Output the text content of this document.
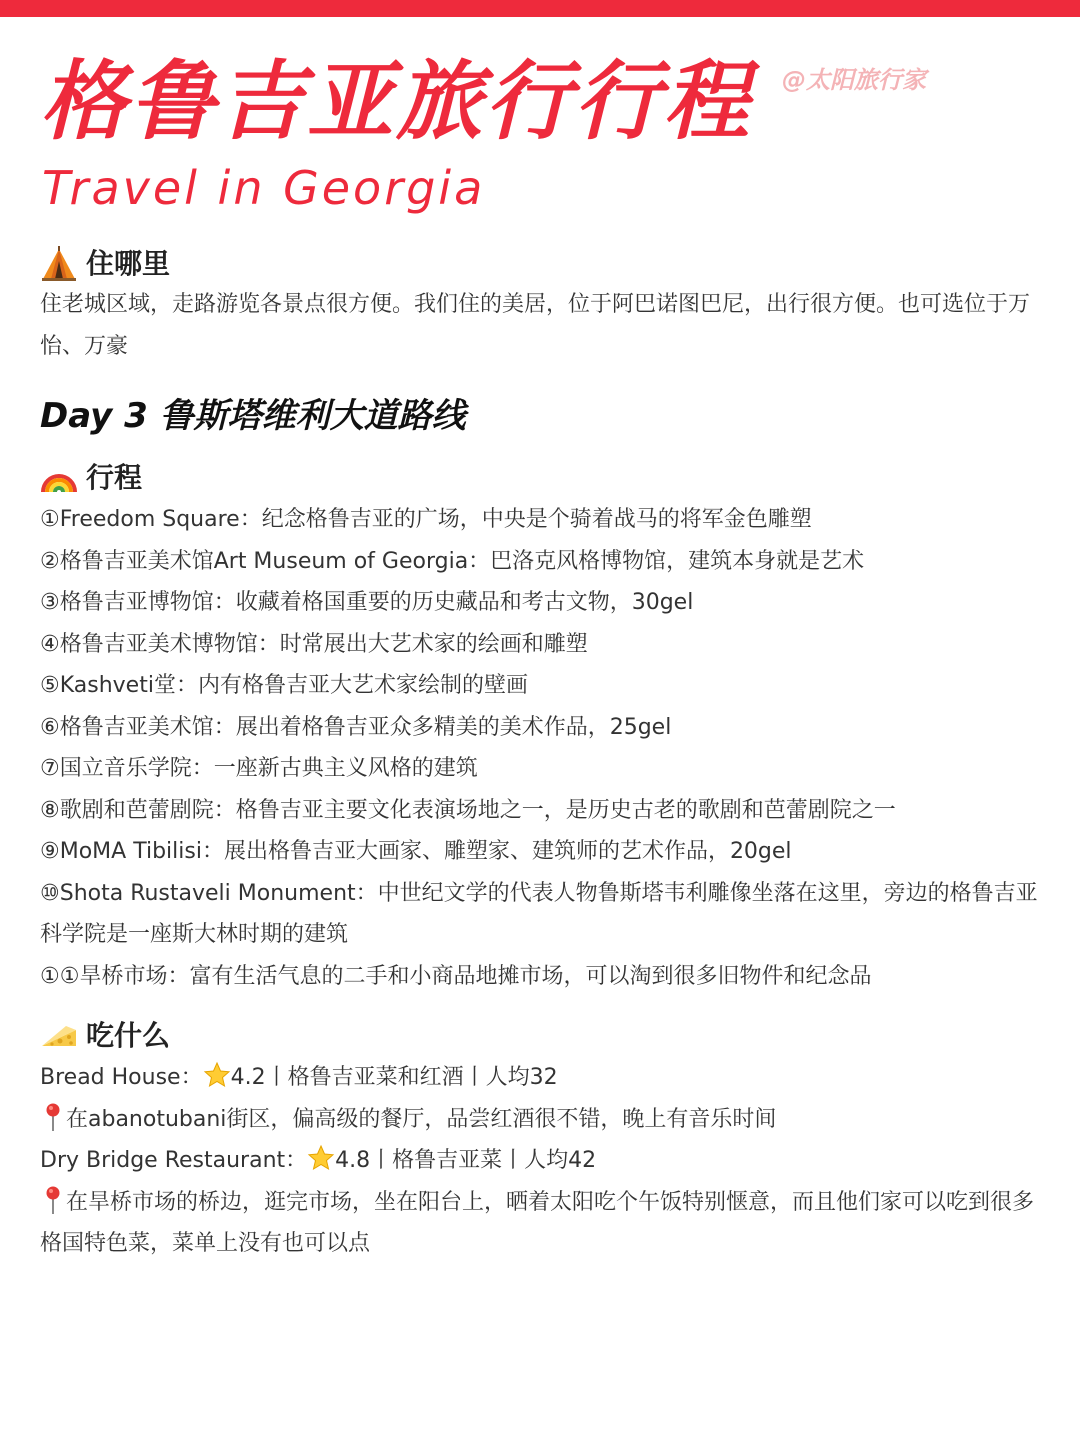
格鲁吉亚旅行行程 @太阳旅行家
Travel in Georgia
住哪里
住老城区域，走路游览各景点很方便。我们住的美居，位于阿巴诺图巴尼，出行很方便。也可选位于万怡、万豪
Day 3 鲁斯塔维利大道路线
行程
①Freedom Square：纪念格鲁吉亚的广场，中央是个骑着战马的将军金色雕塑
②格鲁吉亚美术馆Art Museum of Georgia：巴洛克风格博物馆，建筑本身就是艺术
③格鲁吉亚博物馆：收藏着格国重要的历史藏品和考古文物，30gel
④格鲁吉亚美术博物馆：时常展出大艺术家的绘画和雕塑
⑤Kashveti堂：内有格鲁吉亚大艺术家绘制的壁画
⑥格鲁吉亚美术馆：展出着格鲁吉亚众多精美的美术作品，25gel
⑦国立音乐学院：一座新古典主义风格的建筑
⑧歌剧和芭蕾剧院：格鲁吉亚主要文化表演场地之一，是历史古老的歌剧和芭蕾剧院之一
⑨MoMA Tibilisi：展出格鲁吉亚大画家、雕塑家、建筑师的艺术作品，20gel
⑩Shota Rustaveli Monument：中世纪文学的代表人物鲁斯塔韦利雕像坐落在这里，旁边的格鲁吉亚科学院是一座斯大林时期的建筑
①①旱桥市场：富有生活气息的二手和小商品地摊市场，可以淘到很多旧物件和纪念品
吃什么
Bread House： 4.2丨格鲁吉亚菜和红酒丨人均32
在abanotubani街区，偏高级的餐厅，品尝红酒很不错，晚上有音乐时间
Dry Bridge Restaurant： 4.8丨格鲁吉亚菜丨人均42
在旱桥市场的桥边，逛完市场，坐在阳台上，晒着太阳吃个午饭特别惬意，而且他们家可以吃到很多格国特色菜，菜单上没有也可以点
